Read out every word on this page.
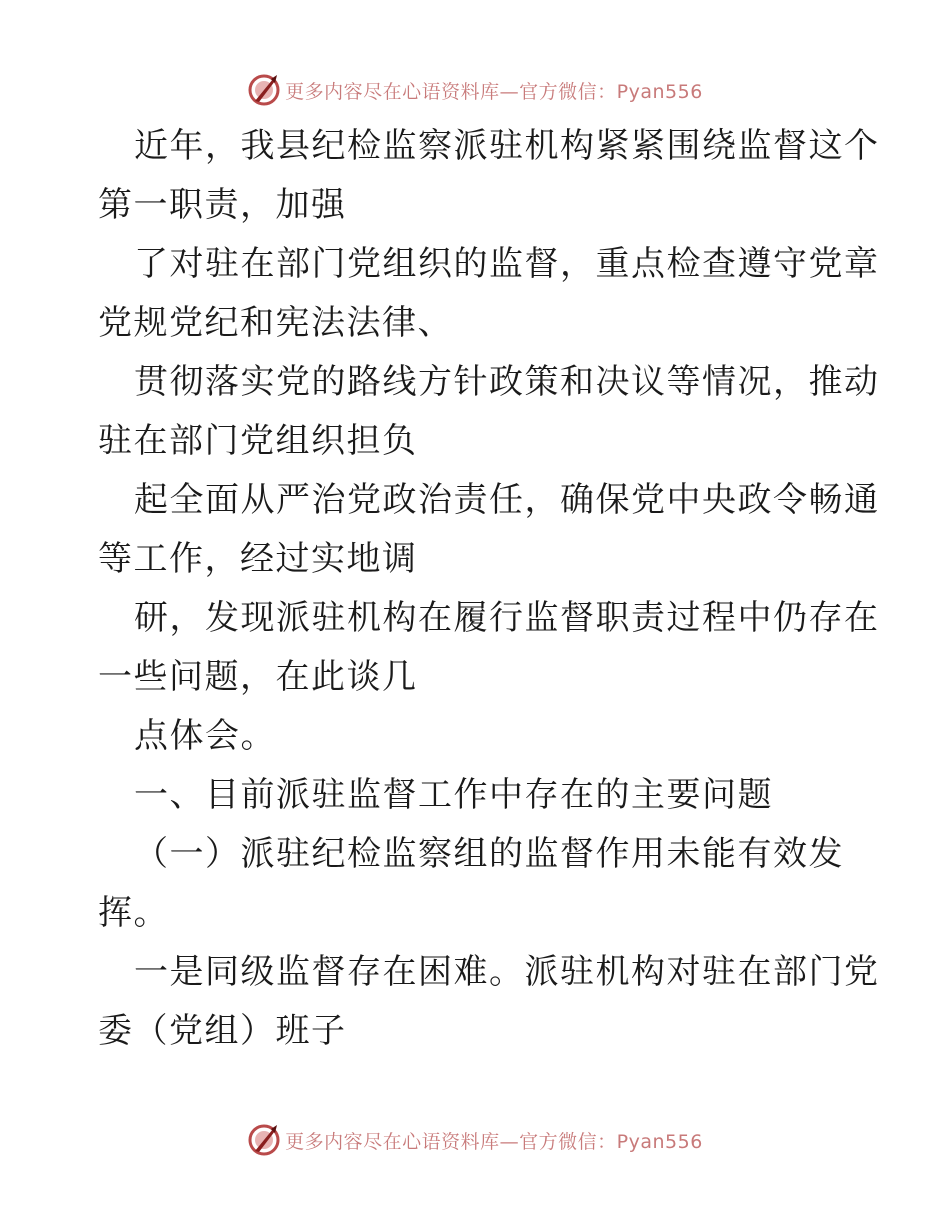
更多内容尽在心语资料库—官方微信：Pyan556
近年，我县纪检监察派驻机构紧紧围绕监督这个
第一职责，加强
了对驻在部门党组织的监督，重点检查遵守党章
党规党纪和宪法法律、
贯彻落实党的路线方针政策和决议等情况，推动
驻在部门党组织担负
起全面从严治党政治责任，确保党中央政令畅通
等工作，经过实地调
研，发现派驻机构在履行监督职责过程中仍存在
一些问题，在此谈几
点体会。
一、目前派驻监督工作中存在的主要问题
（一）派驻纪检监察组的监督作用未能有效发
挥。
一是同级监督存在困难。派驻机构对驻在部门党
委（党组）班子
更多内容尽在心语资料库—官方微信：Pyan556
